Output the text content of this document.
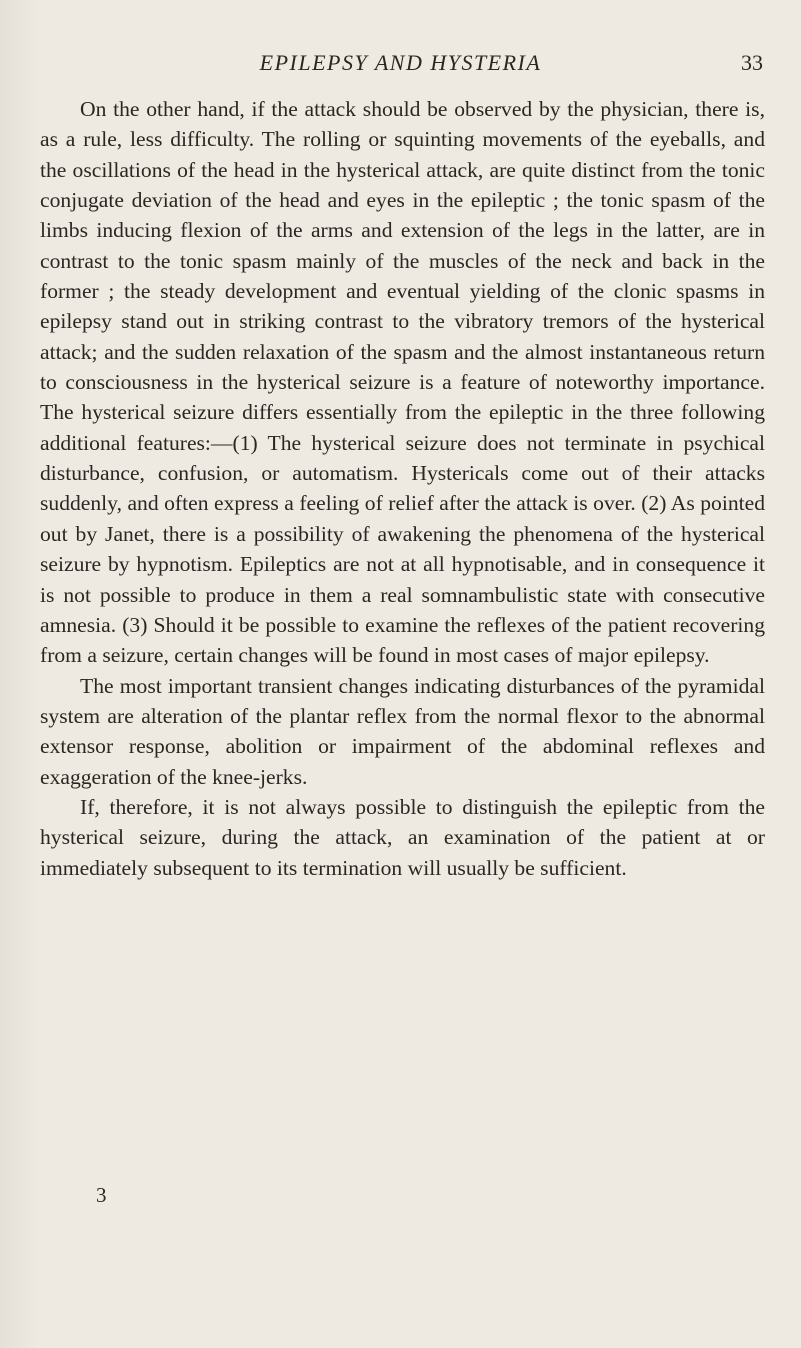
EPILEPSY AND HYSTERIA	33

On the other hand, if the attack should be observed by the physician, there is, as a rule, less difficulty. The rolling or squinting movements of the eyeballs, and the oscillations of the head in the hysterical attack, are quite distinct from the tonic conjugate deviation of the head and eyes in the epileptic ; the tonic spasm of the limbs inducing flexion of the arms and extension of the legs in the latter, are in contrast to the tonic spasm mainly of the muscles of the neck and back in the former ; the steady development and eventual yielding of the clonic spasms in epilepsy stand out in striking contrast to the vibratory tremors of the hysterical attack; and the sudden relaxation of the spasm and the almost instantaneous return to consciousness in the hysterical seizure is a feature of noteworthy importance. The hysterical seizure differs essentially from the epileptic in the three following additional features:—(1) The hysterical seizure does not terminate in psychical disturbance, confusion, or automatism. Hystericals come out of their attacks suddenly, and often express a feeling of relief after the attack is over. (2) As pointed out by Janet, there is a possibility of awakening the phenomena of the hysterical seizure by hypnotism. Epileptics are not at all hypnotisable, and in consequence it is not possible to produce in them a real somnambulistic state with consecutive amnesia. (3) Should it be possible to examine the reflexes of the patient recovering from a seizure, certain changes will be found in most cases of major epilepsy.

The most important transient changes indicating disturbances of the pyramidal system are alteration of the plantar reflex from the normal flexor to the abnormal extensor response, abolition or impairment of the abdominal reflexes and exaggeration of the knee-jerks.

If, therefore, it is not always possible to distinguish the epileptic from the hysterical seizure, during the attack, an examination of the patient at or immediately subsequent to its termination will usually be sufficient.

3
